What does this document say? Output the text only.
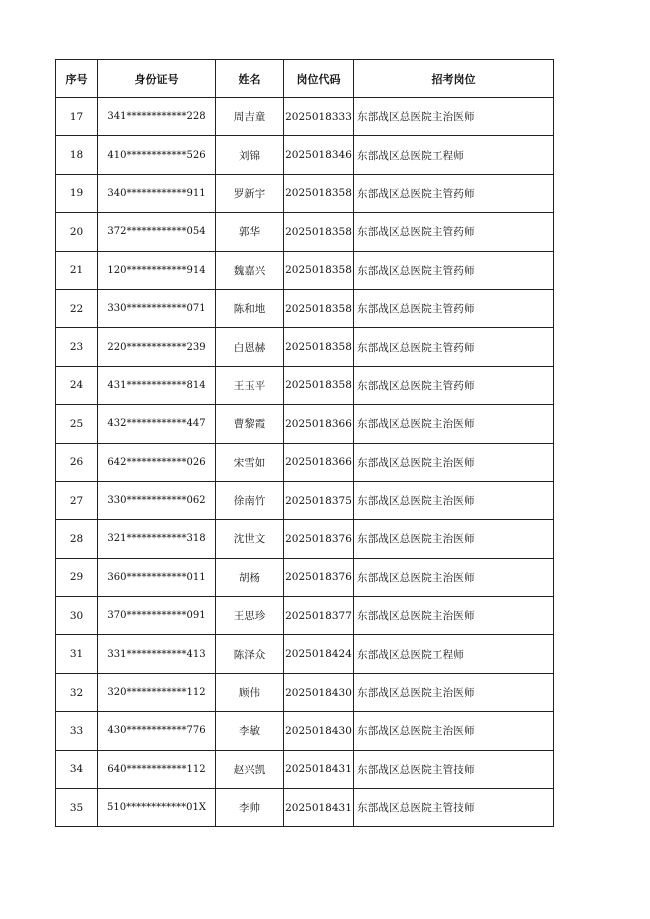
序号	身份证号	姓名	岗位代码	招考岗位
17	341************228	周吉童	2025018333	东部战区总医院主治医师
18	410************526	刘锦	2025018346	东部战区总医院工程师
19	340************911	罗新宇	2025018358	东部战区总医院主管药师
20	372************054	郭华	2025018358	东部战区总医院主管药师
21	120************914	魏嘉兴	2025018358	东部战区总医院主管药师
22	330************071	陈和地	2025018358	东部战区总医院主管药师
23	220************239	白恩赫	2025018358	东部战区总医院主管药师
24	431************814	王玉平	2025018358	东部战区总医院主管药师
25	432************447	曹黎霞	2025018366	东部战区总医院主治医师
26	642************026	宋雪如	2025018366	东部战区总医院主治医师
27	330************062	徐南竹	2025018375	东部战区总医院主治医师
28	321************318	沈世文	2025018376	东部战区总医院主治医师
29	360************011	胡杨	2025018376	东部战区总医院主治医师
30	370************091	王思珍	2025018377	东部战区总医院主治医师
31	331************413	陈泽众	2025018424	东部战区总医院工程师
32	320************112	顾伟	2025018430	东部战区总医院主治医师
33	430************776	李敏	2025018430	东部战区总医院主治医师
34	640************112	赵兴凯	2025018431	东部战区总医院主管技师
35	510************01X	李帅	2025018431	东部战区总医院主管技师
